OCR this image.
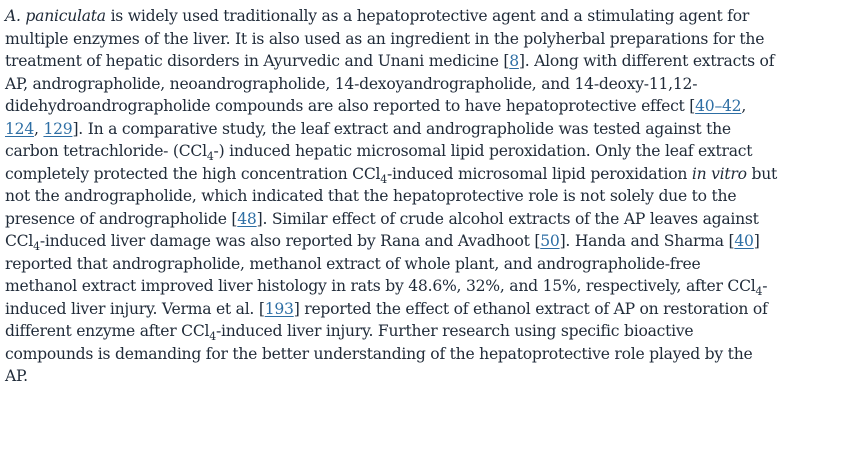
A. paniculata is widely used traditionally as a hepatoprotective agent and a stimulating agent for
multiple enzymes of the liver. It is also used as an ingredient in the polyherbal preparations for the
treatment of hepatic disorders in Ayurvedic and Unani medicine [8]. Along with different extracts of
AP, andrographolide, neoandrographolide, 14-dexoyandrographolide, and 14-deoxy-11,12-
didehydroandrographolide compounds are also reported to have hepatoprotective effect [40–42,
124, 129]. In a comparative study, the leaf extract and andrographolide was tested against the
carbon tetrachloride- (CCl$_4$-) induced hepatic microsomal lipid peroxidation. Only the leaf extract
completely protected the high concentration CCl$_4$-induced microsomal lipid peroxidation in vitro but
not the andrographolide, which indicated that the hepatoprotective role is not solely due to the
presence of andrographolide [48]. Similar effect of crude alcohol extracts of the AP leaves against
CCl$_4$-induced liver damage was also reported by Rana and Avadhoot [50]. Handa and Sharma [40]
reported that andrographolide, methanol extract of whole plant, and andrographolide-free
methanol extract improved liver histology in rats by 48.6%, 32%, and 15%, respectively, after CCl$_4$-
induced liver injury. Verma et al. [193] reported the effect of ethanol extract of AP on restoration of
different enzyme after CCl$_4$-induced liver injury. Further research using specific bioactive
compounds is demanding for the better understanding of the hepatoprotective role played by the
AP.
